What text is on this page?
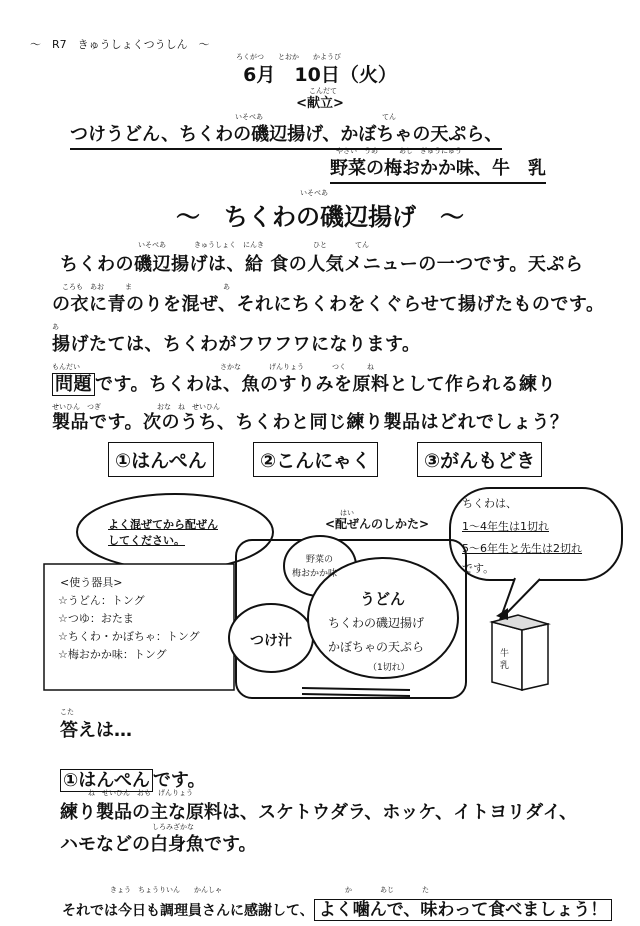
～　R7　きゅうしょくつうしん　～
ろくがつ　　とおか　　かようび
6月　10日（火）
こんだて
<献立>
いそべあ　　　　　　　　　　　　　　　　　てん
つけうどん、ちくわの磯辺揚げ、かぼちゃの天ぷら、
やさい　うめ　　　あじ　ぎゅうにゅう
野菜の梅おかか味、牛　乳
いそべあ
～　ちくわの磯辺揚げ　～
いそべあ　　　　きゅうしょく　にんき　　　　　　　ひと　　　　てん
ちくわの磯辺揚げは、給 食の人気メニューの一つです。天ぷら
ころも　あお　　　ま　　　　　　　　　　　　　あ
の衣に青のりを混ぜ、それにちくわをくぐらせて揚げたものです。
あ
揚げたては、ちくわがフワフワになります。
もんだい
問題 です。ちくわは、魚のすりみを原料として作られる練り
さかな　　　　げんりょう　　　　つく　　　ね
せいひん　つぎ　　　　　　　　おな　ね　せいひん
製品です。次のうち、ちくわと同じ練り製品はどれでしょう？
①はんぺん	②こんにゃく	③がんもどき
よく混ぜてから配ぜん
してください。
はい
<配ぜんのしかた>
ちくわは、
1～4年生は1切れ
5～6年生と先生は2切れ
です。
<使う器具>
☆うどん：トング
☆つゆ：おたま
☆ちくわ・かぼちゃ：トング
☆梅おかか味：トング
野菜の
梅おかか味
つけ汁
うどん
ちくわの磯辺揚げ
かぼちゃの天ぷら
（1切れ）
牛乳
こた
答えは…
①はんぺん です。
ね　せいひん　おも　げんりょう
練り製品の主な原料は、スケトウダラ、ホッケ、イトヨリダイ、
しろみざかな
ハモなどの白身魚です。
きょう　ちょうりいん　　かんしゃ	か　　　　あじ　　　　た
それでは今日も調理員さんに感謝して、 よく噛んで、味わって食べましょう！
